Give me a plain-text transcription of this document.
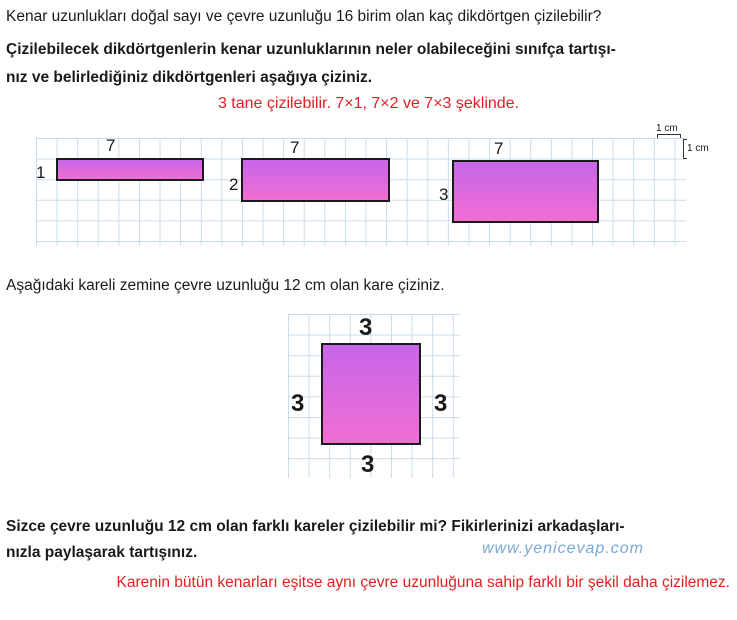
Kenar uzunlukları doğal sayı ve çevre uzunluğu 16 birim olan kaç dikdörtgen çizilebilir?
Çizilebilecek dikdörtgenlerin kenar uzunluklarının neler olabileceğini sınıfça tartışı-
nız ve belirlediğiniz dikdörtgenleri aşağıya çiziniz.
3 tane çizilebilir. 7×1, 7×2 ve 7×3 şeklinde.
7
1
7
2
7
3
1 cm
1 cm
Aşağıdaki kareli zemine çevre uzunluğu 12 cm olan kare çiziniz.
3
3	3
3
Sizce çevre uzunluğu 12 cm olan farklı kareler çizilebilir mi? Fikirlerinizi arkadaşları-
nızla paylaşarak tartışınız.	www.yenicevap.com
Karenin bütün kenarları eşitse aynı çevre uzunluğuna sahip farklı bir şekil daha çizilemez.
